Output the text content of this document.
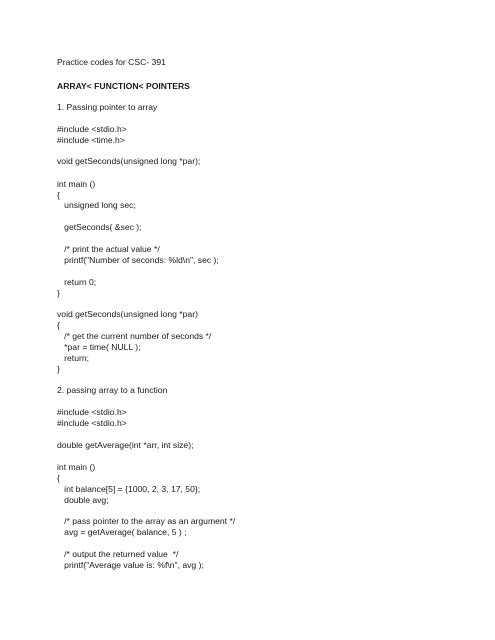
Practice codes for CSC- 391
ARRAY< FUNCTION< POINTERS
1. Passing pointer to array
#include <stdio.h>
#include <time.h>
void getSeconds(unsigned long *par);
int main ()
{
unsigned long sec;
getSeconds( &sec );
/* print the actual value */
printf("Number of seconds: %ld\n", sec );
return 0;
}
void getSeconds(unsigned long *par)
{
/* get the current number of seconds */
*par = time( NULL );
return;
}
2. passing array to a function
#include <stdio.h>
#include <stdio.h>
double getAverage(int *arr, int size);
int main ()
{
int balance[5] = {1000, 2, 3, 17, 50};
double avg;
/* pass pointer to the array as an argument */
avg = getAverage( balance, 5 ) ;
/* output the returned value  */
printf("Average value is: %f\n", avg );
